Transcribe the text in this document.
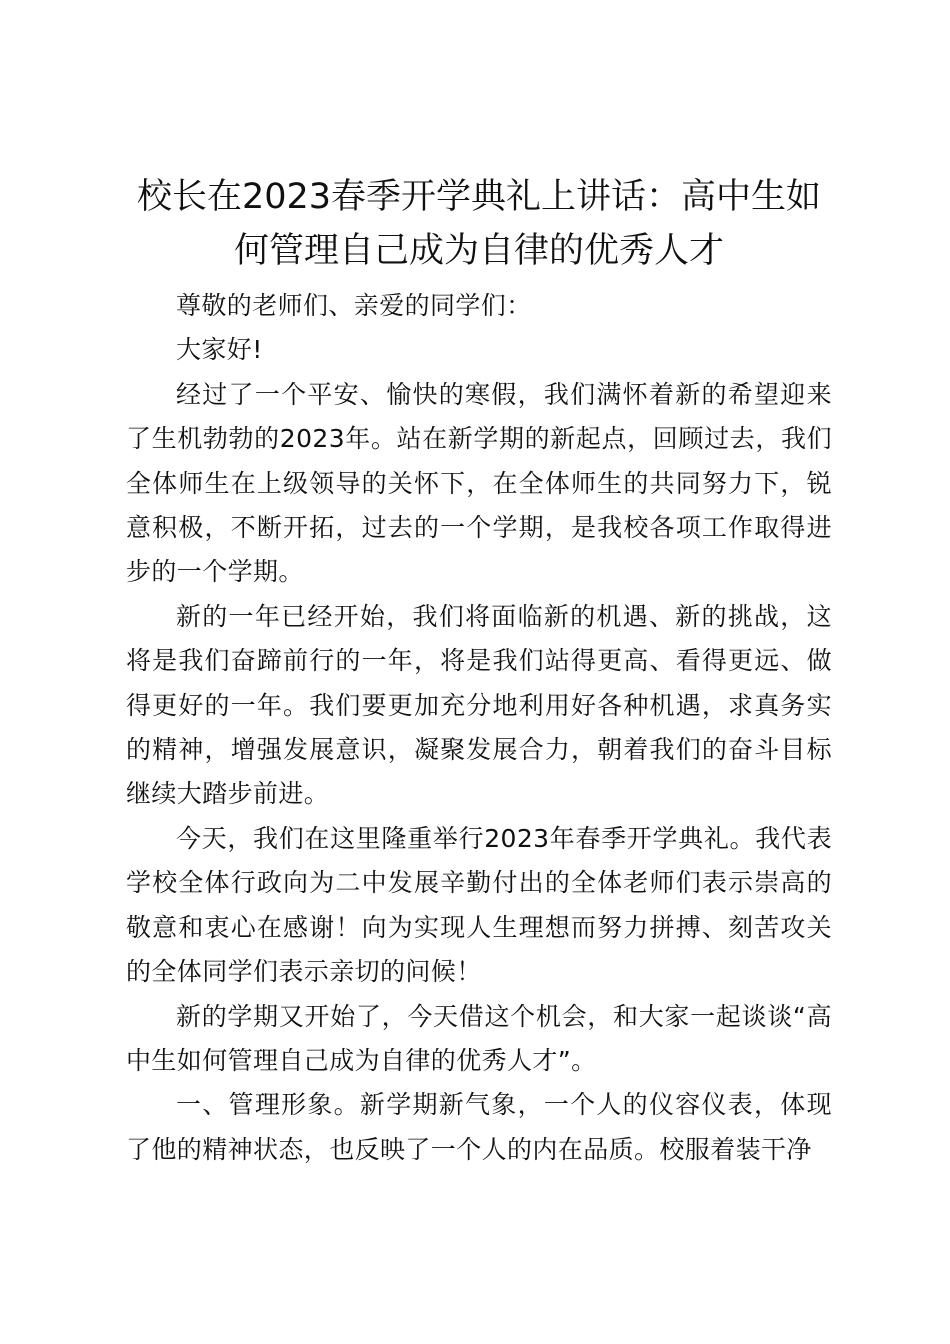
校长在2023春季开学典礼上讲话：高中生如何管理自己成为自律的优秀人才

尊敬的老师们、亲爱的同学们：

大家好!

经过了一个平安、愉快的寒假，我们满怀着新的希望迎来了生机勃勃的2023年。站在新学期的新起点，回顾过去，我们全体师生在上级领导的关怀下，在全体师生的共同努力下，锐意积极，不断开拓，过去的一个学期，是我校各项工作取得进步的一个学期。

新的一年已经开始，我们将面临新的机遇、新的挑战，这将是我们奋蹄前行的一年，将是我们站得更高、看得更远、做得更好的一年。我们要更加充分地利用好各种机遇，求真务实的精神，增强发展意识，凝聚发展合力，朝着我们的奋斗目标继续大踏步前进。

今天，我们在这里隆重举行2023年春季开学典礼。我代表学校全体行政向为二中发展辛勤付出的全体老师们表示崇高的敬意和衷心在感谢！向为实现人生理想而努力拼搏、刻苦攻关的全体同学们表示亲切的问候！

新的学期又开始了，今天借这个机会，和大家一起谈谈“高中生如何管理自己成为自律的优秀人才”。

一、管理形象。新学期新气象，一个人的仪容仪表，体现了他的精神状态，也反映了一个人的内在品质。校服着装干净
